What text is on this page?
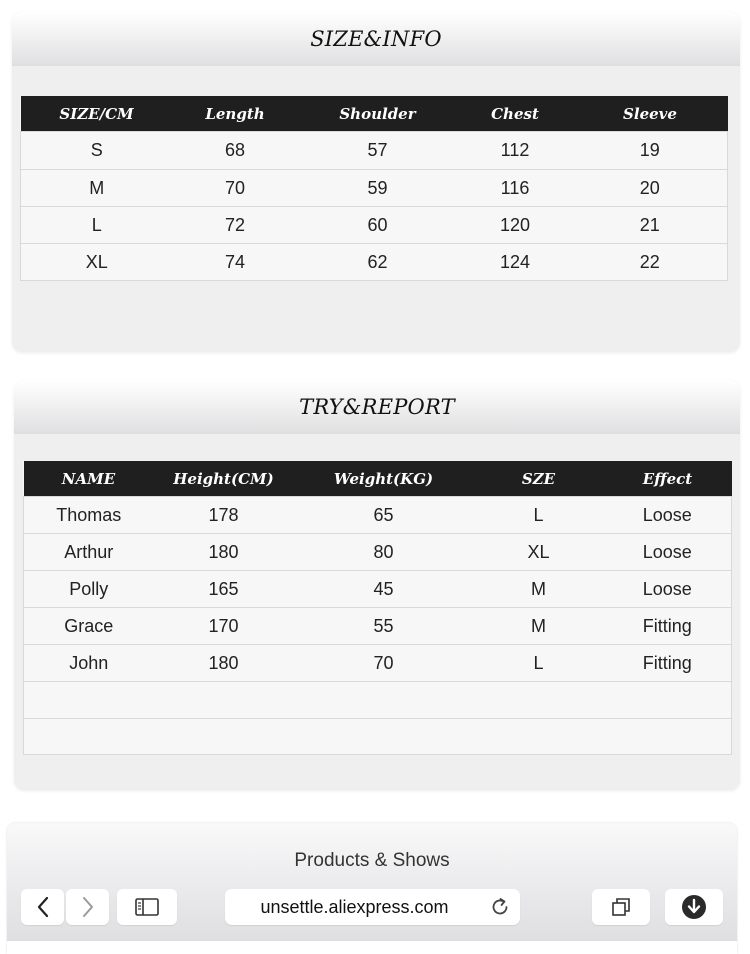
SIZE&INFO
SIZE/CM	Length	Shoulder	Chest	Sleeve
S	68	57	112	19
M	70	59	116	20
L	72	60	120	21
XL	74	62	124	22
TRY&REPORT
NAME	Height(CM)	Weight(KG)	SZE	Effect
Thomas	178	65	L	Loose
Arthur	180	80	XL	Loose
Polly	165	45	M	Loose
Grace	170	55	M	Fitting
John	180	70	L	Fitting

Products & Shows
unsettle.aliexpress.com
